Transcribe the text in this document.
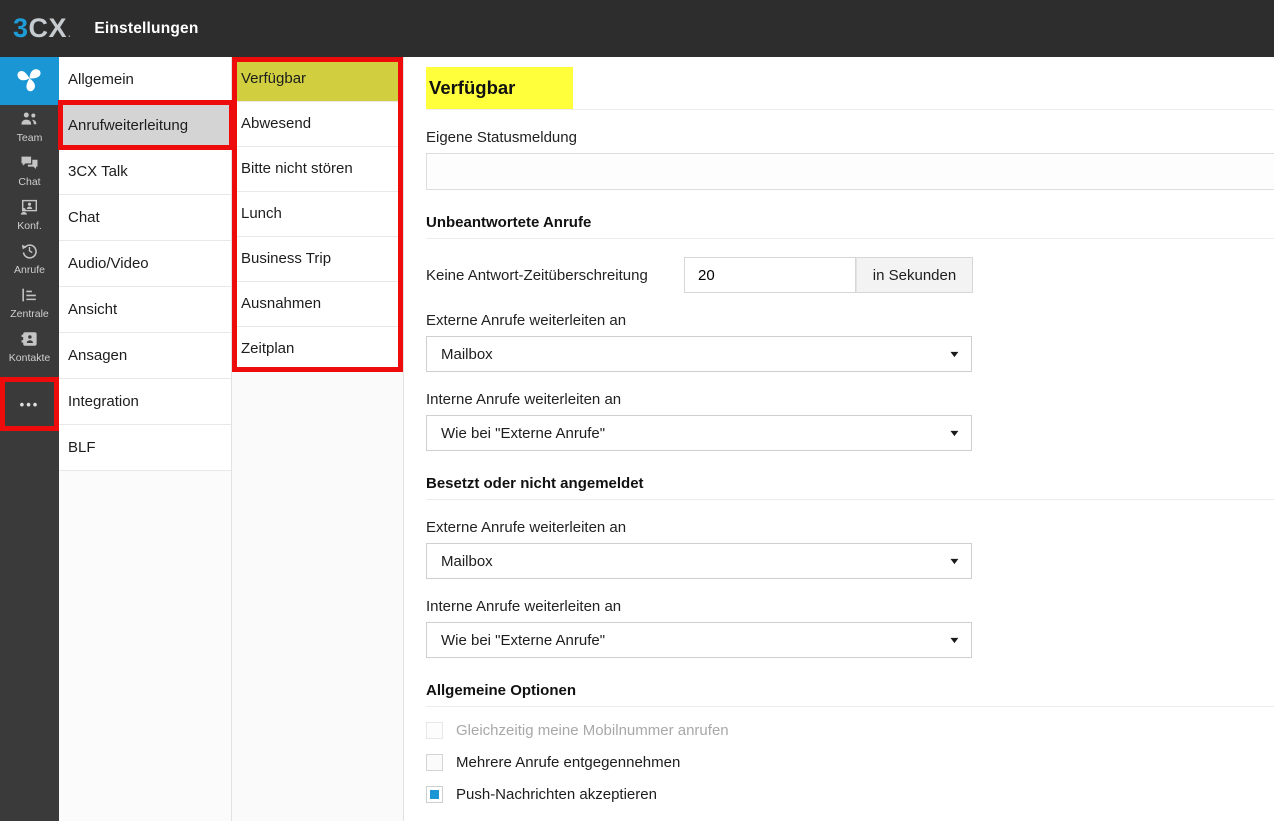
3 CX . Einstellungen
Team
Chat
Konf.
Anrufe
Zentrale
Kontakte
•••
Allgemein
Anrufweiterleitung
3CX Talk
Chat
Audio/Video
Ansicht
Ansagen
Integration
BLF
Verfügbar
Abwesend
Bitte nicht stören
Lunch
Business Trip
Ausnahmen
Zeitplan
Verfügbar
Eigene Statusmeldung
Unbeantwortete Anrufe
Keine Antwort-Zeitüberschreitung
20	in Sekunden
Externe Anrufe weiterleiten an
Mailbox	▼
Interne Anrufe weiterleiten an
Wie bei "Externe Anrufe"	▼
Besetzt oder nicht angemeldet
Externe Anrufe weiterleiten an
Mailbox	▼
Interne Anrufe weiterleiten an
Wie bei "Externe Anrufe"	▼
Allgemeine Optionen
Gleichzeitig meine Mobilnummer anrufen
Mehrere Anrufe entgegennehmen
Push-Nachrichten akzeptieren
